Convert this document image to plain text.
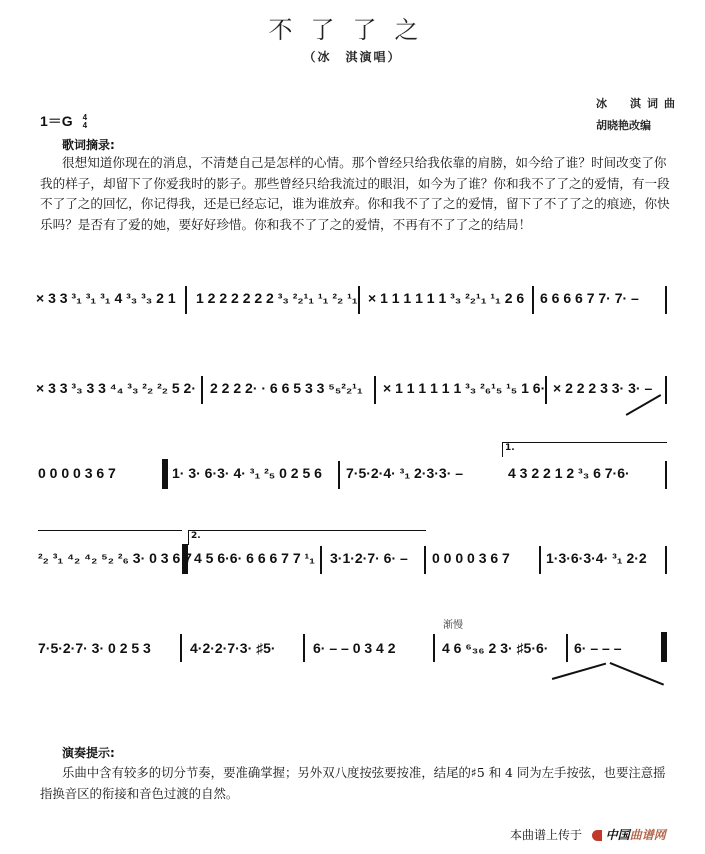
不了了之
（冰　淇演唱）
1＝G 4
4
冰　淇词曲
胡晓艳改编
歌词摘录:
很想知道你现在的消息，不清楚自己是怎样的心情。那个曾经只给我依靠的肩膀，如今给了谁？时间改变了你我的样子，却留下了你爱我时的影子。那些曾经只给我流过的眼泪，如今为了谁？你和我不了了之的爱情，有一段不了了之的回忆，你记得我，还是已经忘记，谁为谁放弃。你和我不了了之的爱情，留下了不了了之的痕迹，你快乐吗？是否有了爱的她，要好好珍惜。你和我不了了之的爱情，不再有不了了之的结局！
× 3 3 ³₁ ³₁ ³₁ 4 ³₃ ³₃ 2 1 1 2 2 2 2 2 2 ³₃ ²₂¹₁ ¹₁ ²₂ ¹₁ × 1 1 1 1 1 1 ³₃ ²₂¹₁ ¹₁ 2 6 6 6 6 6 7 7· 7· –
× 3 3 ³₃ 3 3 ⁴₄ ³₃ ²₂ ²₂ 5 2· 2 2 2 2· · 6 6 5 3 3 ⁵₅²₂¹₁ × 1 1 1 1 1 1 ³₃ ²₆¹₅ ¹₅ 1 6· × 2 2 2 3 3· 3· –
0 0 0 0 3 6 7	1· 3· 6·3· 4· ³₁ ²₅ 0 2 5 6 7·5·2·4· ³₁ 2·3·3· –
1.
4 3 2 2 1 2 ³₃ 6 7·6·
²₂ ³₁ ⁴₂ ⁴₂ ⁵₂ ²₆ 3· 0 3 6 7
2.
4 5 6·6· 6 6 6 7 7 ¹₁ 3·1·2·7· 6· – 0 0 0 0 3 6 7	1·3·6·3·4· ³₁ 2·2
7·5·2·7· 3· 0 2 5 3	4·2·2·7·3· ♯5·	6· – – 0 3 4 2
渐慢
4 6 ⁶₃₆ 2 3· ♯5·6· 6· – – –
演奏提示:
乐曲中含有较多的切分节奏，要准确掌握；另外双八度按弦要按准，结尾的♯5 和 4 同为左手按弦，也要注意摇指换音区的衔接和音色过渡的自然。
本曲谱上传于 中国曲谱网
